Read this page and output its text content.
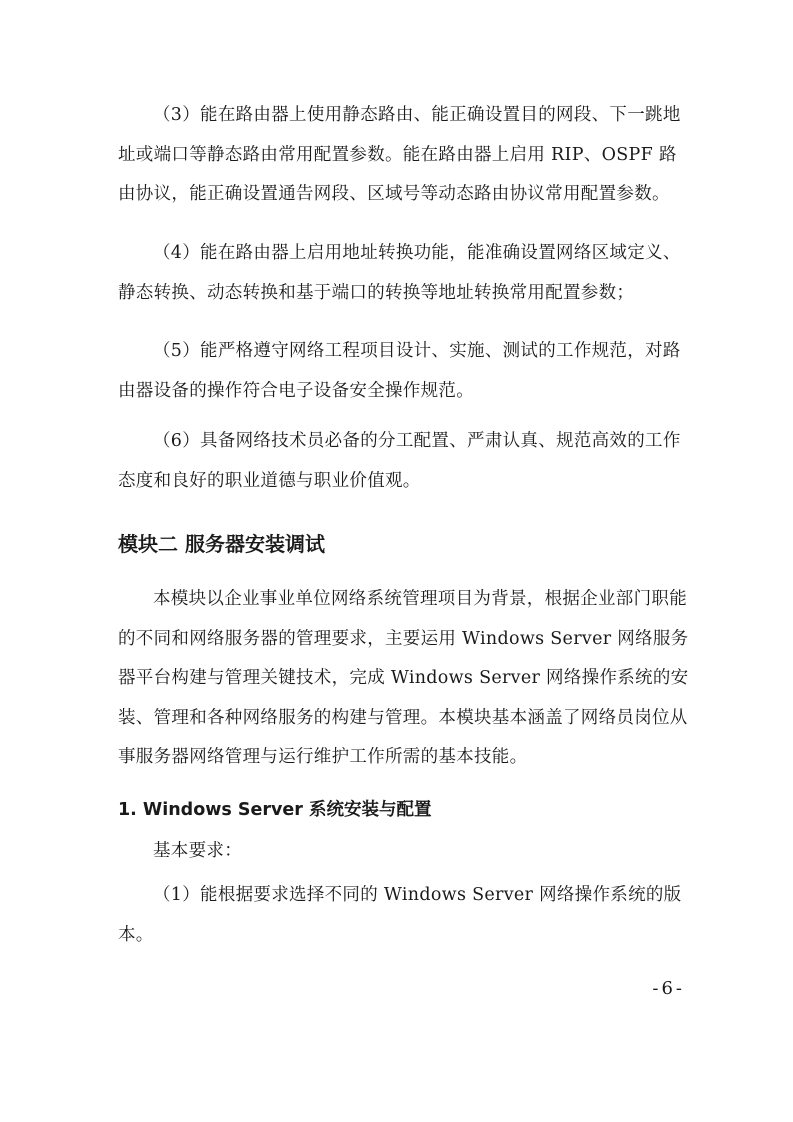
（3）能在路由器上使用静态路由、能正确设置目的网段、下一跳地址或端口等静态路由常用配置参数。能在路由器上启用 RIP、OSPF 路由协议，能正确设置通告网段、区域号等动态路由协议常用配置参数。

（4）能在路由器上启用地址转换功能，能准确设置网络区域定义、静态转换、动态转换和基于端口的转换等地址转换常用配置参数；

（5）能严格遵守网络工程项目设计、实施、测试的工作规范，对路由器设备的操作符合电子设备安全操作规范。

（6）具备网络技术员必备的分工配置、严肃认真、规范高效的工作态度和良好的职业道德与职业价值观。

模块二 服务器安装调试

本模块以企业事业单位网络系统管理项目为背景，根据企业部门职能的不同和网络服务器的管理要求，主要运用 Windows Server 网络服务器平台构建与管理关键技术，完成 Windows Server 网络操作系统的安装、管理和各种网络服务的构建与管理。本模块基本涵盖了网络员岗位从事服务器网络管理与运行维护工作所需的基本技能。

1. Windows Server 系统安装与配置

基本要求：

（1）能根据要求选择不同的 Windows Server 网络操作系统的版本。

-6-
